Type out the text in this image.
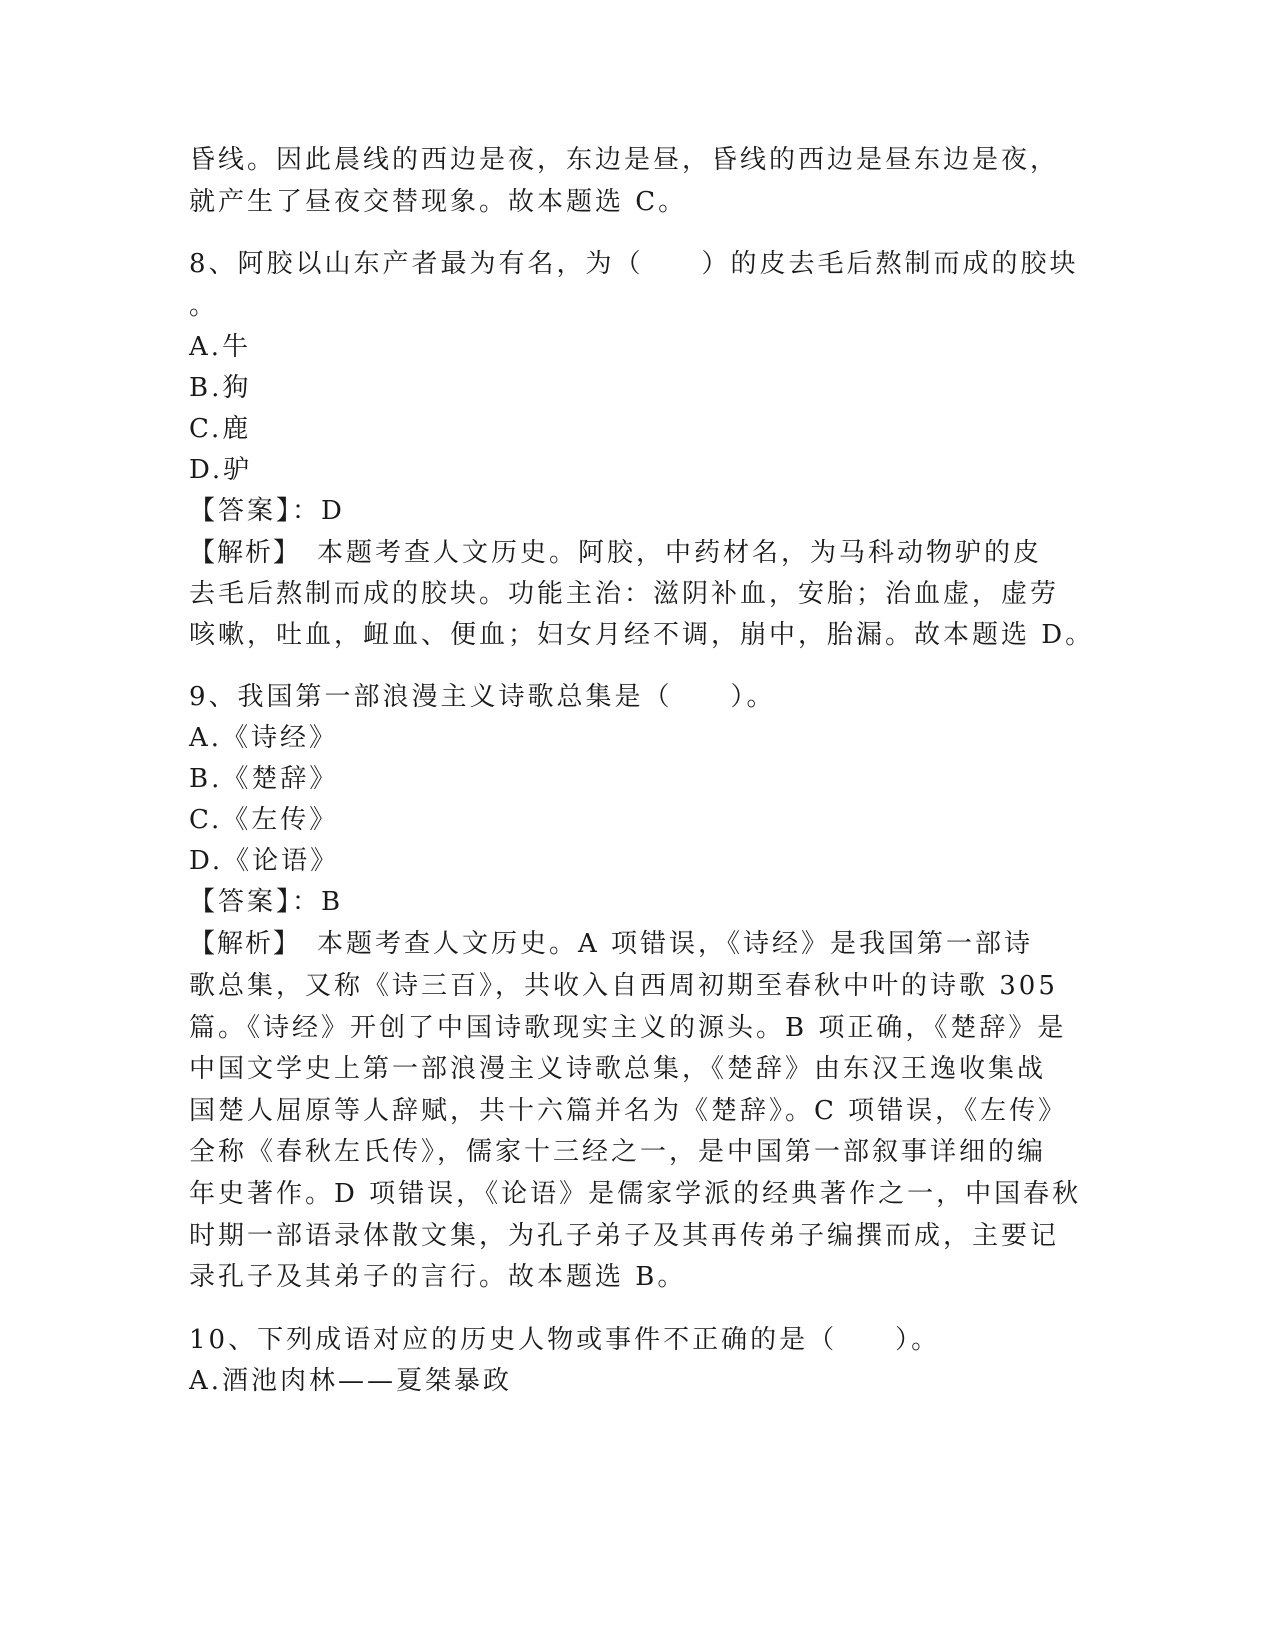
昏线。因此晨线的西边是夜，东边是昼，昏线的西边是昼东边是夜，
就产生了昼夜交替现象。故本题选 C。
8、阿胶以山东产者最为有名，为（　　）的皮去毛后熬制而成的胶块
。
A.牛
B.狗
C.鹿
D.驴
【答案】：D
【解析】　本题考查人文历史。阿胶，中药材名，为马科动物驴的皮
去毛后熬制而成的胶块。功能主治：滋阴补血，安胎；治血虚，虚劳
咳嗽，吐血，衄血、便血；妇女月经不调，崩中，胎漏。故本题选 D。
9、我国第一部浪漫主义诗歌总集是（　　）。
A.《诗经》
B.《楚辞》
C.《左传》
D.《论语》
【答案】：B
【解析】　本题考查人文历史。A 项错误，《诗经》是我国第一部诗
歌总集，又称《诗三百》，共收入自西周初期至春秋中叶的诗歌 305
篇。《诗经》开创了中国诗歌现实主义的源头。B 项正确，《楚辞》是
中国文学史上第一部浪漫主义诗歌总集，《楚辞》由东汉王逸收集战
国楚人屈原等人辞赋，共十六篇并名为《楚辞》。C 项错误，《左传》
全称《春秋左氏传》，儒家十三经之一，是中国第一部叙事详细的编
年史著作。D 项错误，《论语》是儒家学派的经典著作之一，中国春秋
时期一部语录体散文集，为孔子弟子及其再传弟子编撰而成，主要记
录孔子及其弟子的言行。故本题选 B。
10、下列成语对应的历史人物或事件不正确的是（　　）。
A.酒池肉林——夏桀暴政
